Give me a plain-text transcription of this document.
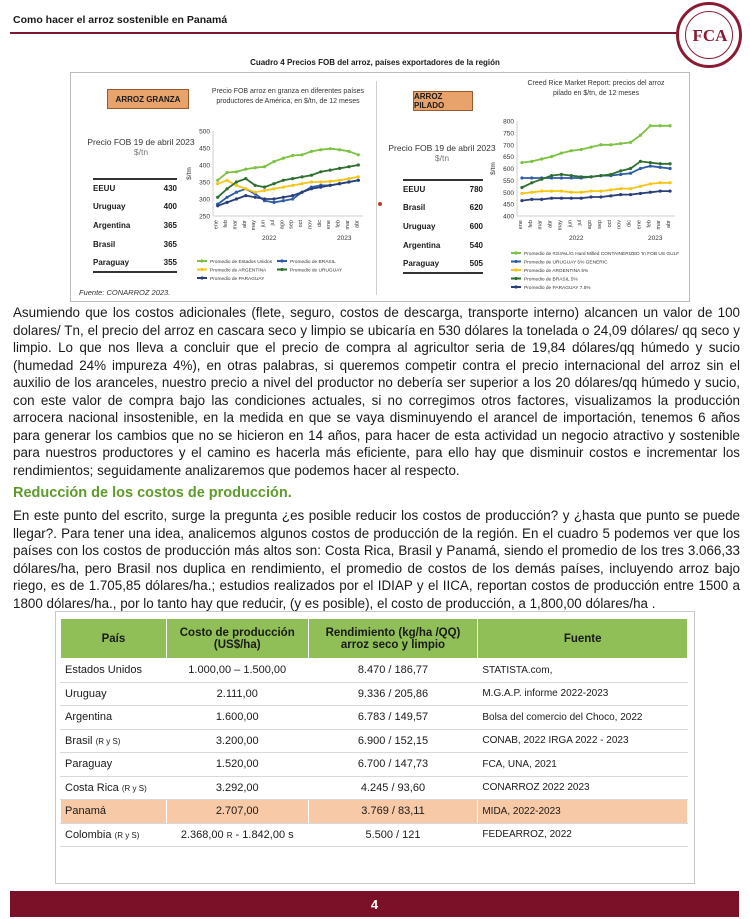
Como hacer el arroz sostenible en Panamá
FCA
Cuadro 4 Precios FOB del arroz, países exportadores de la región
ARROZ GRANZA
Precio FOB 19 de abril 2023
$/tn
EEUU	430
Uruguay	400
Argentina	365
Brasil	365
Paraguay	355
ARROZ PILADO
Precio FOB 19 de abril 2023
$/tn
EEUU	780
Brasil	620
Uruguay	600
Argentina	540
Paraguay	505
Precio FOB arroz en granza en diferentes países
productores de América, en $/tn, de 12 meses
250
300
350
400
450
500
$/tm
ene feb mar abr may jun jul ago sep oct nov dic ene feb mar abr
2022	2023
Promedio de Estados Unidos	Promedio de BRASIL
Promedio de ARGENTINA	Promedio de URUGUAY
Promedio de PARAGUAY
Creed Rice Market Report: precios del arroz
pilado en $/tn, de 12 meses
400
450
500
550
600
650
700
750
800
$/tm
ene feb mar abr may jun jul ago sep oct nov dic ene feb mar abr
2022	2023
Promedio de #2/4%L/G Hard Milled CONTAINERIZED 'tn FOB US GULF
Promedio de URUGUAY 5% GENERIC
Promedio de ARGENTINA 5%
Promedio de BRASIL 5%
Promedio de PARAGUAY 7.5%
Fuente: CONARROZ 2023.

Asumiendo que los costos adicionales (flete, seguro, costos de descarga, transporte interno) alcancen un valor de 100 dolares/ Tn, el precio del arroz en cascara seco y limpio se ubicaría en 530 dólares la tonelada o 24,09 dólares/ qq seco y limpio. Lo que nos lleva a concluir que el precio de compra al agricultor seria de 19,84 dólares/qq húmedo y sucio (humedad 24% impureza 4%), en otras palabras, si queremos competir contra el precio internacional del arroz sin el auxilio de los aranceles, nuestro precio a nivel del productor no debería ser superior a los 20 dólares/qq húmedo y sucio, con este valor de compra bajo las condiciones actuales, si no corregimos otros factores, visualizamos la producción arrocera nacional insostenible, en la medida en que se vaya disminuyendo el arancel de importación, tenemos 6 años para generar los cambios que no se hicieron en 14 años, para hacer de esta actividad un negocio atractivo y sostenible para nuestros productores y el camino es hacerla más eficiente, para ello hay que disminuir costos e incrementar los rendimientos; seguidamente analizaremos que podemos hacer al respecto.

Reducción de los costos de producción.

En este punto del escrito, surge la pregunta ¿es posible reducir los costos de producción? y ¿hasta que punto se puede llegar?. Para tener una idea, analicemos algunos costos de producción de la región. En el cuadro 5 podemos ver que los países con los costos de producción más altos son: Costa Rica, Brasil y Panamá, siendo el promedio de los tres 3.066,33 dólares/ha, pero Brasil nos duplica en rendimiento, el promedio de costos de los demás países, incluyendo arroz bajo riego, es de 1.705,85 dólares/ha.; estudios realizados por el IDIAP y el IICA, reportan costos de producción entre 1500 a 1800 dólares/ha., por lo tanto hay que reducir, (y es posible), el costo de producción, a 1,800,00 dólares/ha .

País	Costo de producción (US$/ha)	Rendimiento (kg/ha /QQ) arroz seco y limpio	Fuente
Estados Unidos	1.000,00 – 1.500,00	8.470 / 186,77	STATISTA.com,
Uruguay	2.111,00	9.336 / 205,86	M.G.A.P. informe 2022-2023
Argentina	1.600,00	6.783 / 149,57	Bolsa del comercio del Choco, 2022
Brasil (R y S)	3.200,00	6.900 / 152,15	CONAB, 2022 IRGA 2022 - 2023
Paraguay	1.520,00	6.700 / 147,73	FCA, UNA, 2021
Costa Rica (R y S)	3.292,00	4.245 / 93,60	CONARROZ 2022 2023
Panamá	2.707,00	3.769 / 83,11	MIDA, 2022-2023
Colombia (R y S)	2.368,00 R - 1.842,00 s	5.500 / 121	FEDEARROZ, 2022
4
